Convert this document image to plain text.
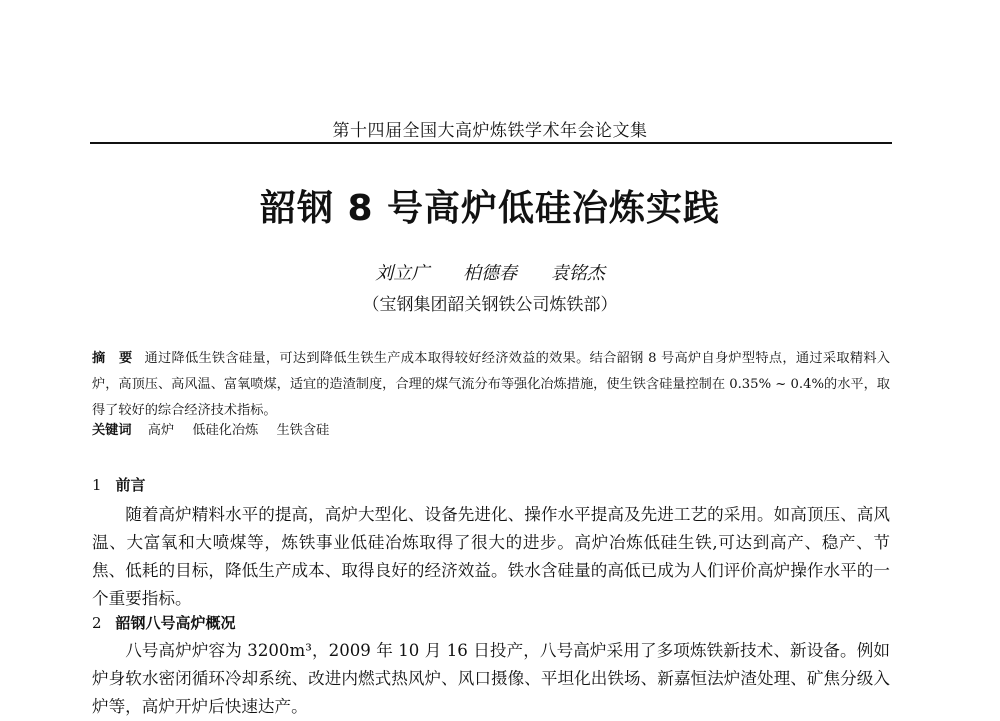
第十四届全国大高炉炼铁学术年会论文集
韶钢 8 号高炉低硅冶炼实践
刘立广 柏德春 袁铭杰
（宝钢集团韶关钢铁公司炼铁部）
摘　要 通过降低生铁含硅量，可达到降低生铁生产成本取得较好经济效益的效果。结合韶钢 8 号高炉自身炉型特点，通过采取精料入炉，高顶压、高风温、富氧喷煤，适宜的造渣制度，合理的煤气流分布等强化冶炼措施，使生铁含硅量控制在 0.35% ~ 0.4%的水平，取得了较好的综合经济技术指标。
关键词 高炉 低硅化冶炼 生铁含硅
1 前言
随着高炉精料水平的提高，高炉大型化、设备先进化、操作水平提高及先进工艺的采用。如高顶压、高风温、大富氧和大喷煤等，炼铁事业低硅冶炼取得了很大的进步。高炉冶炼低硅生铁,可达到高产、稳产、节焦、低耗的目标，降低生产成本、取得良好的经济效益。铁水含硅量的高低已成为人们评价高炉操作水平的一个重要指标。
2 韶钢八号高炉概况
八号高炉炉容为 3200m³，2009 年 10 月 16 日投产，八号高炉采用了多项炼铁新技术、新设备。例如炉身软水密闭循环冷却系统、改进内燃式热风炉、风口摄像、平坦化出铁场、新嘉恒法炉渣处理、矿焦分级入炉等，高炉开炉后快速达产。
